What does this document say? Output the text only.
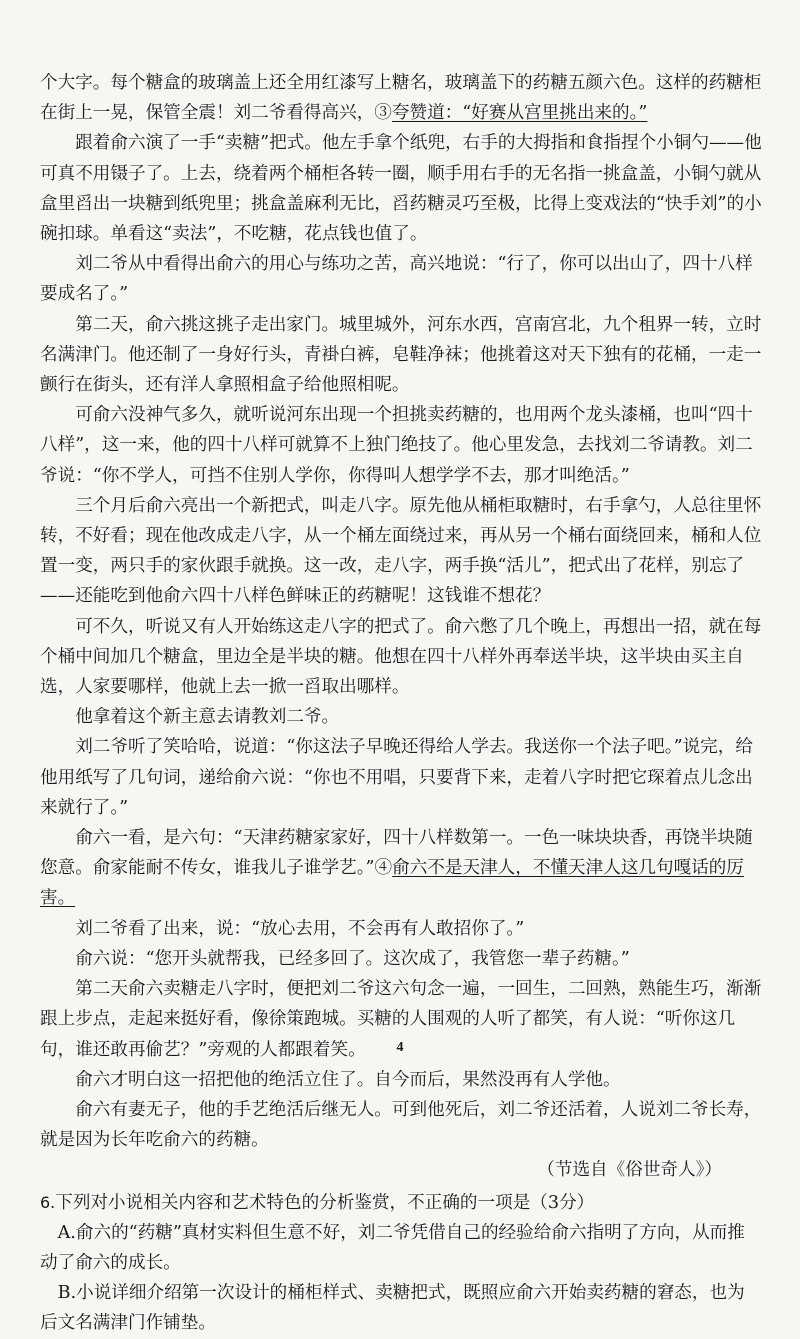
个大字。每个糖盒的玻璃盖上还全用红漆写上糖名，玻璃盖下的药糖五颜六色。这样的药糖柜在街上一晃，保管全震！刘二爷看得高兴，③夸赞道：“好赛从宫里挑出来的。”

跟着俞六演了一手“卖糖”把式。他左手拿个纸兜，右手的大拇指和食指捏个小铜勺——他可真不用镊子了。上去，绕着两个桶柜各转一圈，顺手用右手的无名指一挑盒盖，小铜勺就从盒里舀出一块糖到纸兜里；挑盒盖麻利无比，舀药糖灵巧至极，比得上变戏法的“快手刘”的小碗扣球。单看这“卖法”，不吃糖，花点钱也值了。

刘二爷从中看得出俞六的用心与练功之苦，高兴地说：“行了，你可以出山了，四十八样要成名了。”

第二天，俞六挑这挑子走出家门。城里城外，河东水西，宫南宫北，九个租界一转，立时名满津门。他还制了一身好行头，青褂白裤，皂鞋净袜；他挑着这对天下独有的花桶，一走一颤行在街头，还有洋人拿照相盒子给他照相呢。

可俞六没神气多久，就听说河东出现一个担挑卖药糖的，也用两个龙头漆桶，也叫“四十八样”，这一来，他的四十八样可就算不上独门绝技了。他心里发急，去找刘二爷请教。刘二爷说：“你不学人，可挡不住别人学你，你得叫人想学学不去，那才叫绝活。”

三个月后俞六亮出一个新把式，叫走八字。原先他从桶柜取糖时，右手拿勺，人总往里怀转，不好看；现在他改成走八字，从一个桶左面绕过来，再从另一个桶右面绕回来，桶和人位置一变，两只手的家伙跟手就换。这一改，走八字，两手换“活儿”，把式出了花样，别忘了——还能吃到他俞六四十八样色鲜味正的药糖呢！这钱谁不想花？

可不久，听说又有人开始练这走八字的把式了。俞六憋了几个晚上，再想出一招，就在每个桶中间加几个糖盒，里边全是半块的糖。他想在四十八样外再奉送半块，这半块由买主自选，人家要哪样，他就上去一掀一舀取出哪样。

他拿着这个新主意去请教刘二爷。

刘二爷听了笑哈哈，说道：“你这法子早晚还得给人学去。我送你一个法子吧。”说完，给他用纸写了几句词，递给俞六说：“你也不用唱，只要背下来，走着八字时把它琛着点儿念出来就行了。”

俞六一看，是六句：“天津药糖家家好，四十八样数第一。一色一味块块香，再饶半块随您意。俞家能耐不传女，谁我儿子谁学艺。”④俞六不是天津人，不懂天津人这几句嘎话的厉害。

刘二爷看了出来，说：“放心去用，不会再有人敢招你了。”

俞六说：“您开头就帮我，已经多回了。这次成了，我管您一辈子药糖。”

第二天俞六卖糖走八字时，便把刘二爷这六句念一遍，一回生，二回熟，熟能生巧，渐渐跟上步点，走起来挺好看，像徐策跑城。买糖的人围观的人听了都笑，有人说：“听你这几句，谁还敢再偷艺？”旁观的人都跟着笑。

俞六才明白这一招把他的绝活立住了。自今而后，果然没再有人学他。

俞六有妻无子，他的手艺绝活后继无人。可到他死后，刘二爷还活着，人说刘二爷长寿，就是因为长年吃俞六的药糖。

（节选自《俗世奇人》）

6.下列对小说相关内容和艺术特色的分析鉴赏，不正确的一项是（3分）

A.俞六的“药糖”真材实料但生意不好，刘二爷凭借自己的经验给俞六指明了方向，从而推动了俞六的成长。

B.小说详细介绍第一次设计的桶柜样式、卖糖把式，既照应俞六开始卖药糖的窘态，也为后文名满津门作铺垫。

4
